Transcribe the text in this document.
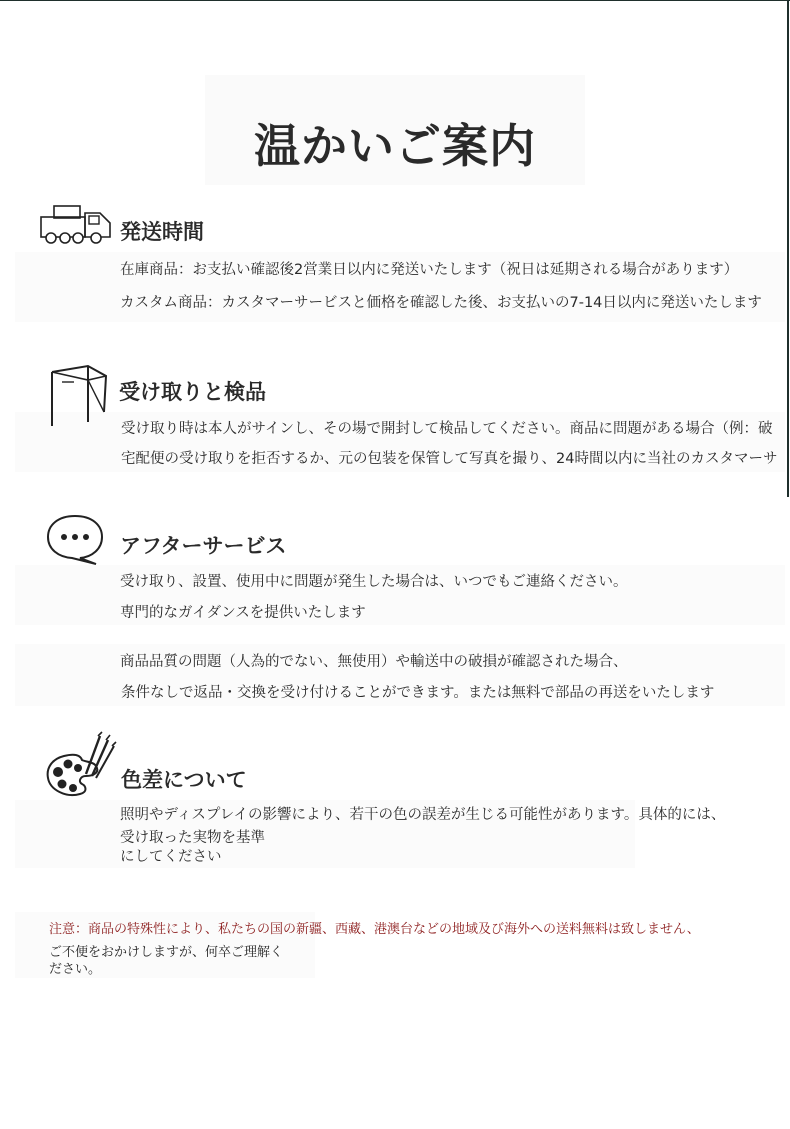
温かいご案内
発送時間

在庫商品：お支払い確認後2営業日以内に発送いたします（祝日は延期される場合があります）

カスタム商品：カスタマーサービスと価格を確認した後、お支払いの7-14日以内に発送いたします

受け取りと検品

受け取り時は本人がサインし、その場で開封して検品してください。商品に問題がある場合（例：破

宅配便の受け取りを拒否するか、元の包装を保管して写真を撮り、24時間以内に当社のカスタマーサ

アフターサービス

受け取り、設置、使用中に問題が発生した場合は、いつでもご連絡ください。

専門的なガイダンスを提供いたします

商品品質の問題（人為的でない、無使用）や輸送中の破損が確認された場合、

条件なしで返品・交換を受け付けることができます。または無料で部品の再送をいたします

色差について

照明やディスプレイの影響により、若干の色の誤差が生じる可能性があります。具体的には、

受け取った実物を基準

にしてください

注意：商品の特殊性により、私たちの国の新疆、西藏、港澳台などの地域及び海外への送料無料は致しません、

ご不便をおかけしますが、何卒ご理解く

ださい。
